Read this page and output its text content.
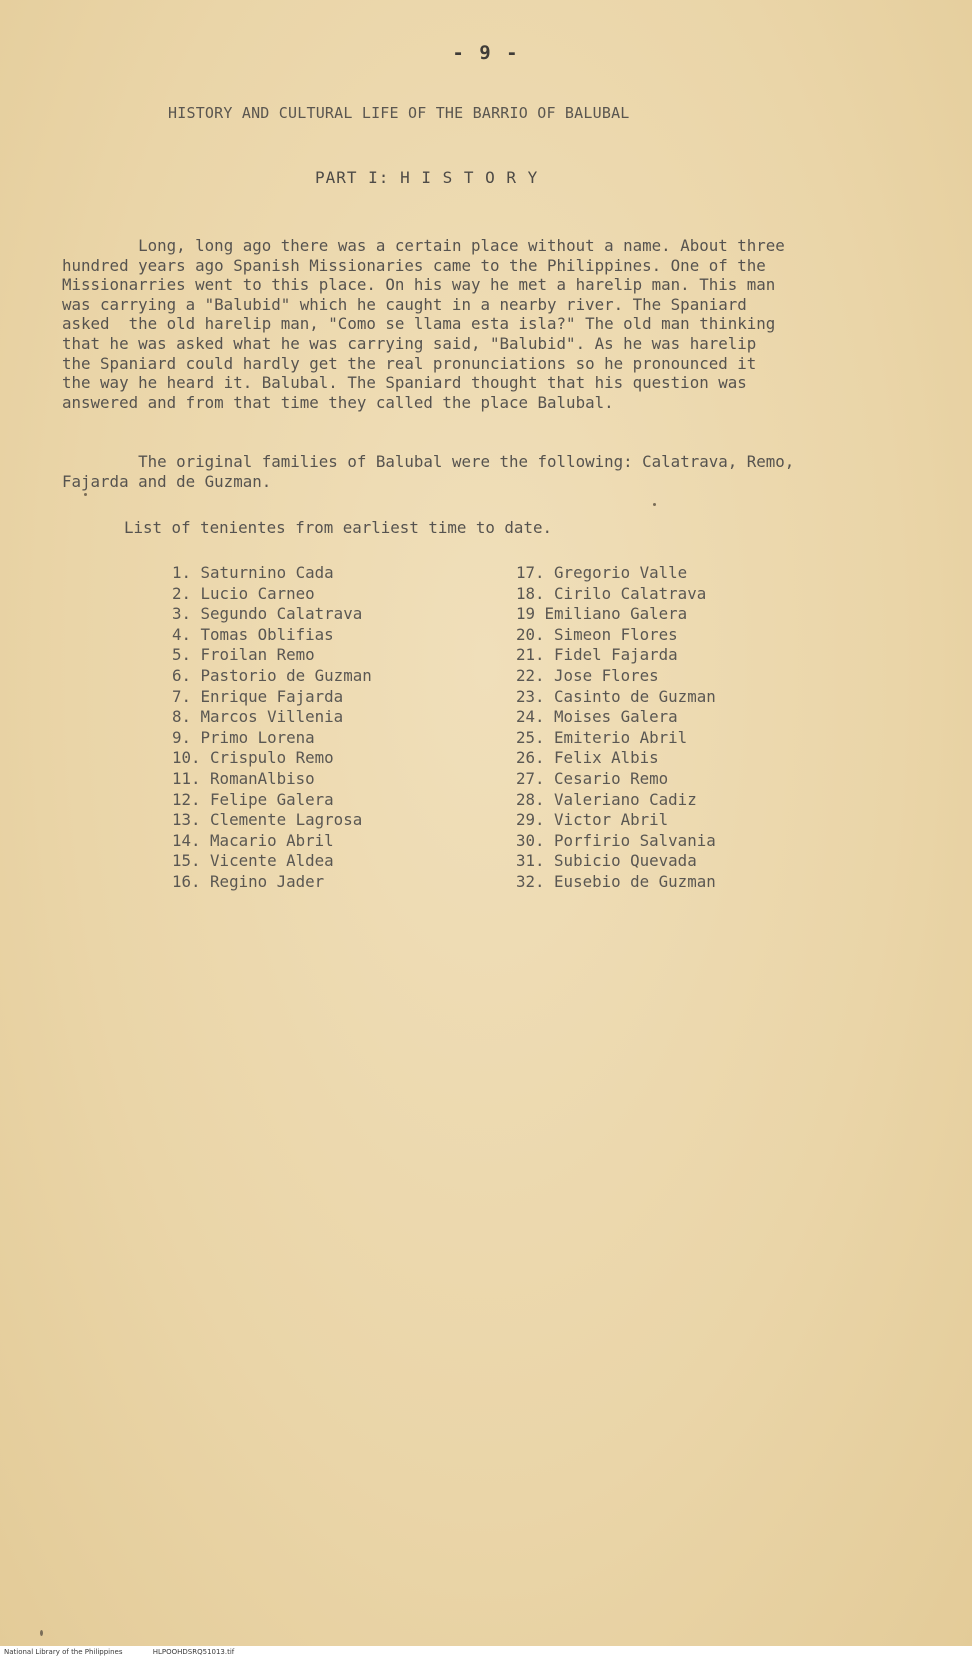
- 9 -
HISTORY AND CULTURAL LIFE OF THE BARRIO OF BALUBAL
PART I: H I S T O R Y
Long, long ago there was a certain place without a name. About three
hundred years ago Spanish Missionaries came to the Philippines. One of the
Missionarries went to this place. On his way he met a harelip man. This man
was carrying a "Balubid" which he caught in a nearby river. The Spaniard
asked  the old harelip man, "Como se llama esta isla?" The old man thinking
that he was asked what he was carrying said, "Balubid". As he was harelip
the Spaniard could hardly get the real pronunciations so he pronounced it
the way he heard it. Balubal. The Spaniard thought that his question was
answered and from that time they called the place Balubal.
The original families of Balubal were the following: Calatrava, Remo,
Fajarda and de Guzman.
List of tenientes from earliest time to date.
1. Saturnino Cada
2. Lucio Carneo
3. Segundo Calatrava
4. Tomas Oblifias
5. Froilan Remo
6. Pastorio de Guzman
7. Enrique Fajarda
8. Marcos Villenia
9. Primo Lorena
10. Crispulo Remo
11. RomanAlbiso
12. Felipe Galera
13. Clemente Lagrosa
14. Macario Abril
15. Vicente Aldea
16. Regino Jader
17. Gregorio Valle
18. Cirilo Calatrava
19 Emiliano Galera
20. Simeon Flores
21. Fidel Fajarda
22. Jose Flores
23. Casinto de Guzman
24. Moises Galera
25. Emiterio Abril
26. Felix Albis
27. Cesario Remo
28. Valeriano Cadiz
29. Victor Abril
30. Porfirio Salvania
31. Subicio Quevada
32. Eusebio de Guzman
National Library of the Philippines	HLPOOHDSRQ51013.tif
